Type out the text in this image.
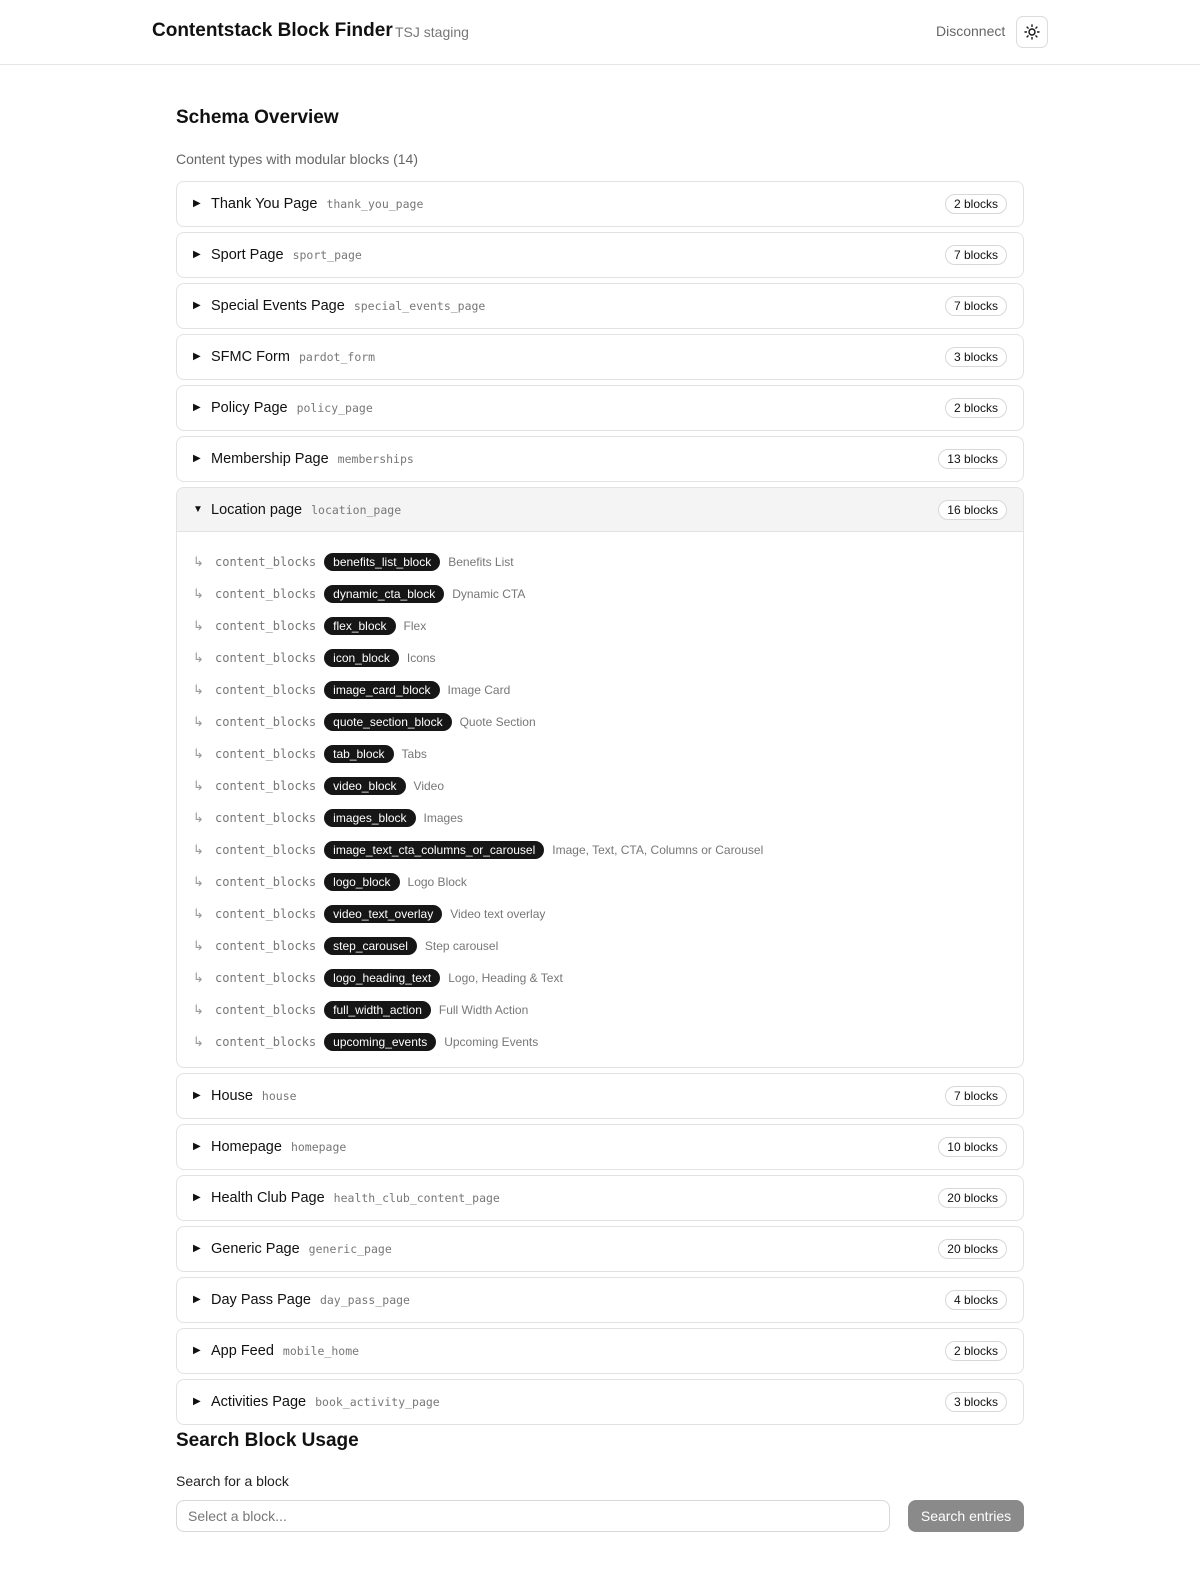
Contentstack Block Finder TSJ staging	Disconnect
Schema Overview
Content types with modular blocks (14)
▶ Thank You Page thank_you_page	2 blocks
▶ Sport Page sport_page	7 blocks
▶ Special Events Page special_events_page	7 blocks
▶ SFMC Form pardot_form	3 blocks
▶ Policy Page policy_page	2 blocks
▶ Membership Page memberships	13 blocks
▼ Location page location_page	16 blocks
↳ content_blocks	benefits_list_block	Benefits List
↳ content_blocks	dynamic_cta_block	Dynamic CTA
↳ content_blocks	flex_block	Flex
↳ content_blocks	icon_block	Icons
↳ content_blocks	image_card_block	Image Card
↳ content_blocks	quote_section_block	Quote Section
↳ content_blocks	tab_block	Tabs
↳ content_blocks	video_block	Video
↳ content_blocks	images_block	Images
↳ content_blocks	image_text_cta_columns_or_carousel	Image, Text, CTA, Columns or Carousel
↳ content_blocks	logo_block	Logo Block
↳ content_blocks	video_text_overlay	Video text overlay
↳ content_blocks	step_carousel	Step carousel
↳ content_blocks	logo_heading_text	Logo, Heading & Text
↳ content_blocks	full_width_action	Full Width Action
↳ content_blocks	upcoming_events	Upcoming Events
▶ House house	7 blocks
▶ Homepage homepage	10 blocks
▶ Health Club Page health_club_content_page	20 blocks
▶ Generic Page generic_page	20 blocks
▶ Day Pass Page day_pass_page	4 blocks
▶ App Feed mobile_home	2 blocks
▶ Activities Page book_activity_page	3 blocks
Search Block Usage
Search for a block
Select a block...
Search entries
